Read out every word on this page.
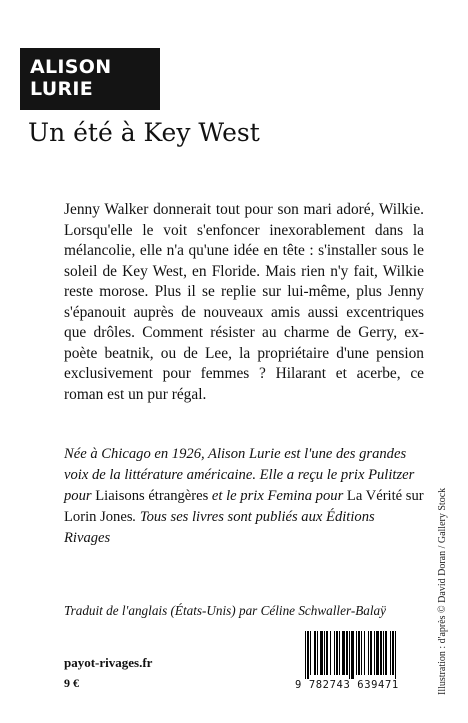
ALISON
LURIE
Un été à Key West

Jenny Walker donnerait tout pour son mari adoré, Wilkie. Lorsqu'elle le voit s'enfoncer inexorablement dans la mélancolie, elle n'a qu'une idée en tête : s'installer sous le soleil de Key West, en Floride. Mais rien n'y fait, Wilkie reste morose. Plus il se replie sur lui-même, plus Jenny s'épanouit auprès de nouveaux amis aussi excentriques que drôles. Comment résister au charme de Gerry, ex-poète beatnik, ou de Lee, la propriétaire d'une pension exclusivement pour femmes ? Hilarant et acerbe, ce roman est un pur régal.

Née à Chicago en 1926, Alison Lurie est l'une des grandes voix de la littérature américaine. Elle a reçu le prix Pulitzer pour Liaisons étrangères et le prix Femina pour La Vérité sur Lorin Jones. Tous ses livres sont publiés aux Éditions Rivages

Traduit de l'anglais (États-Unis) par Céline Schwaller-Balaÿ

payot-rivages.fr

9 €	9 782743 639471	Illustration : d'après © David Doran / Gallery Stock
